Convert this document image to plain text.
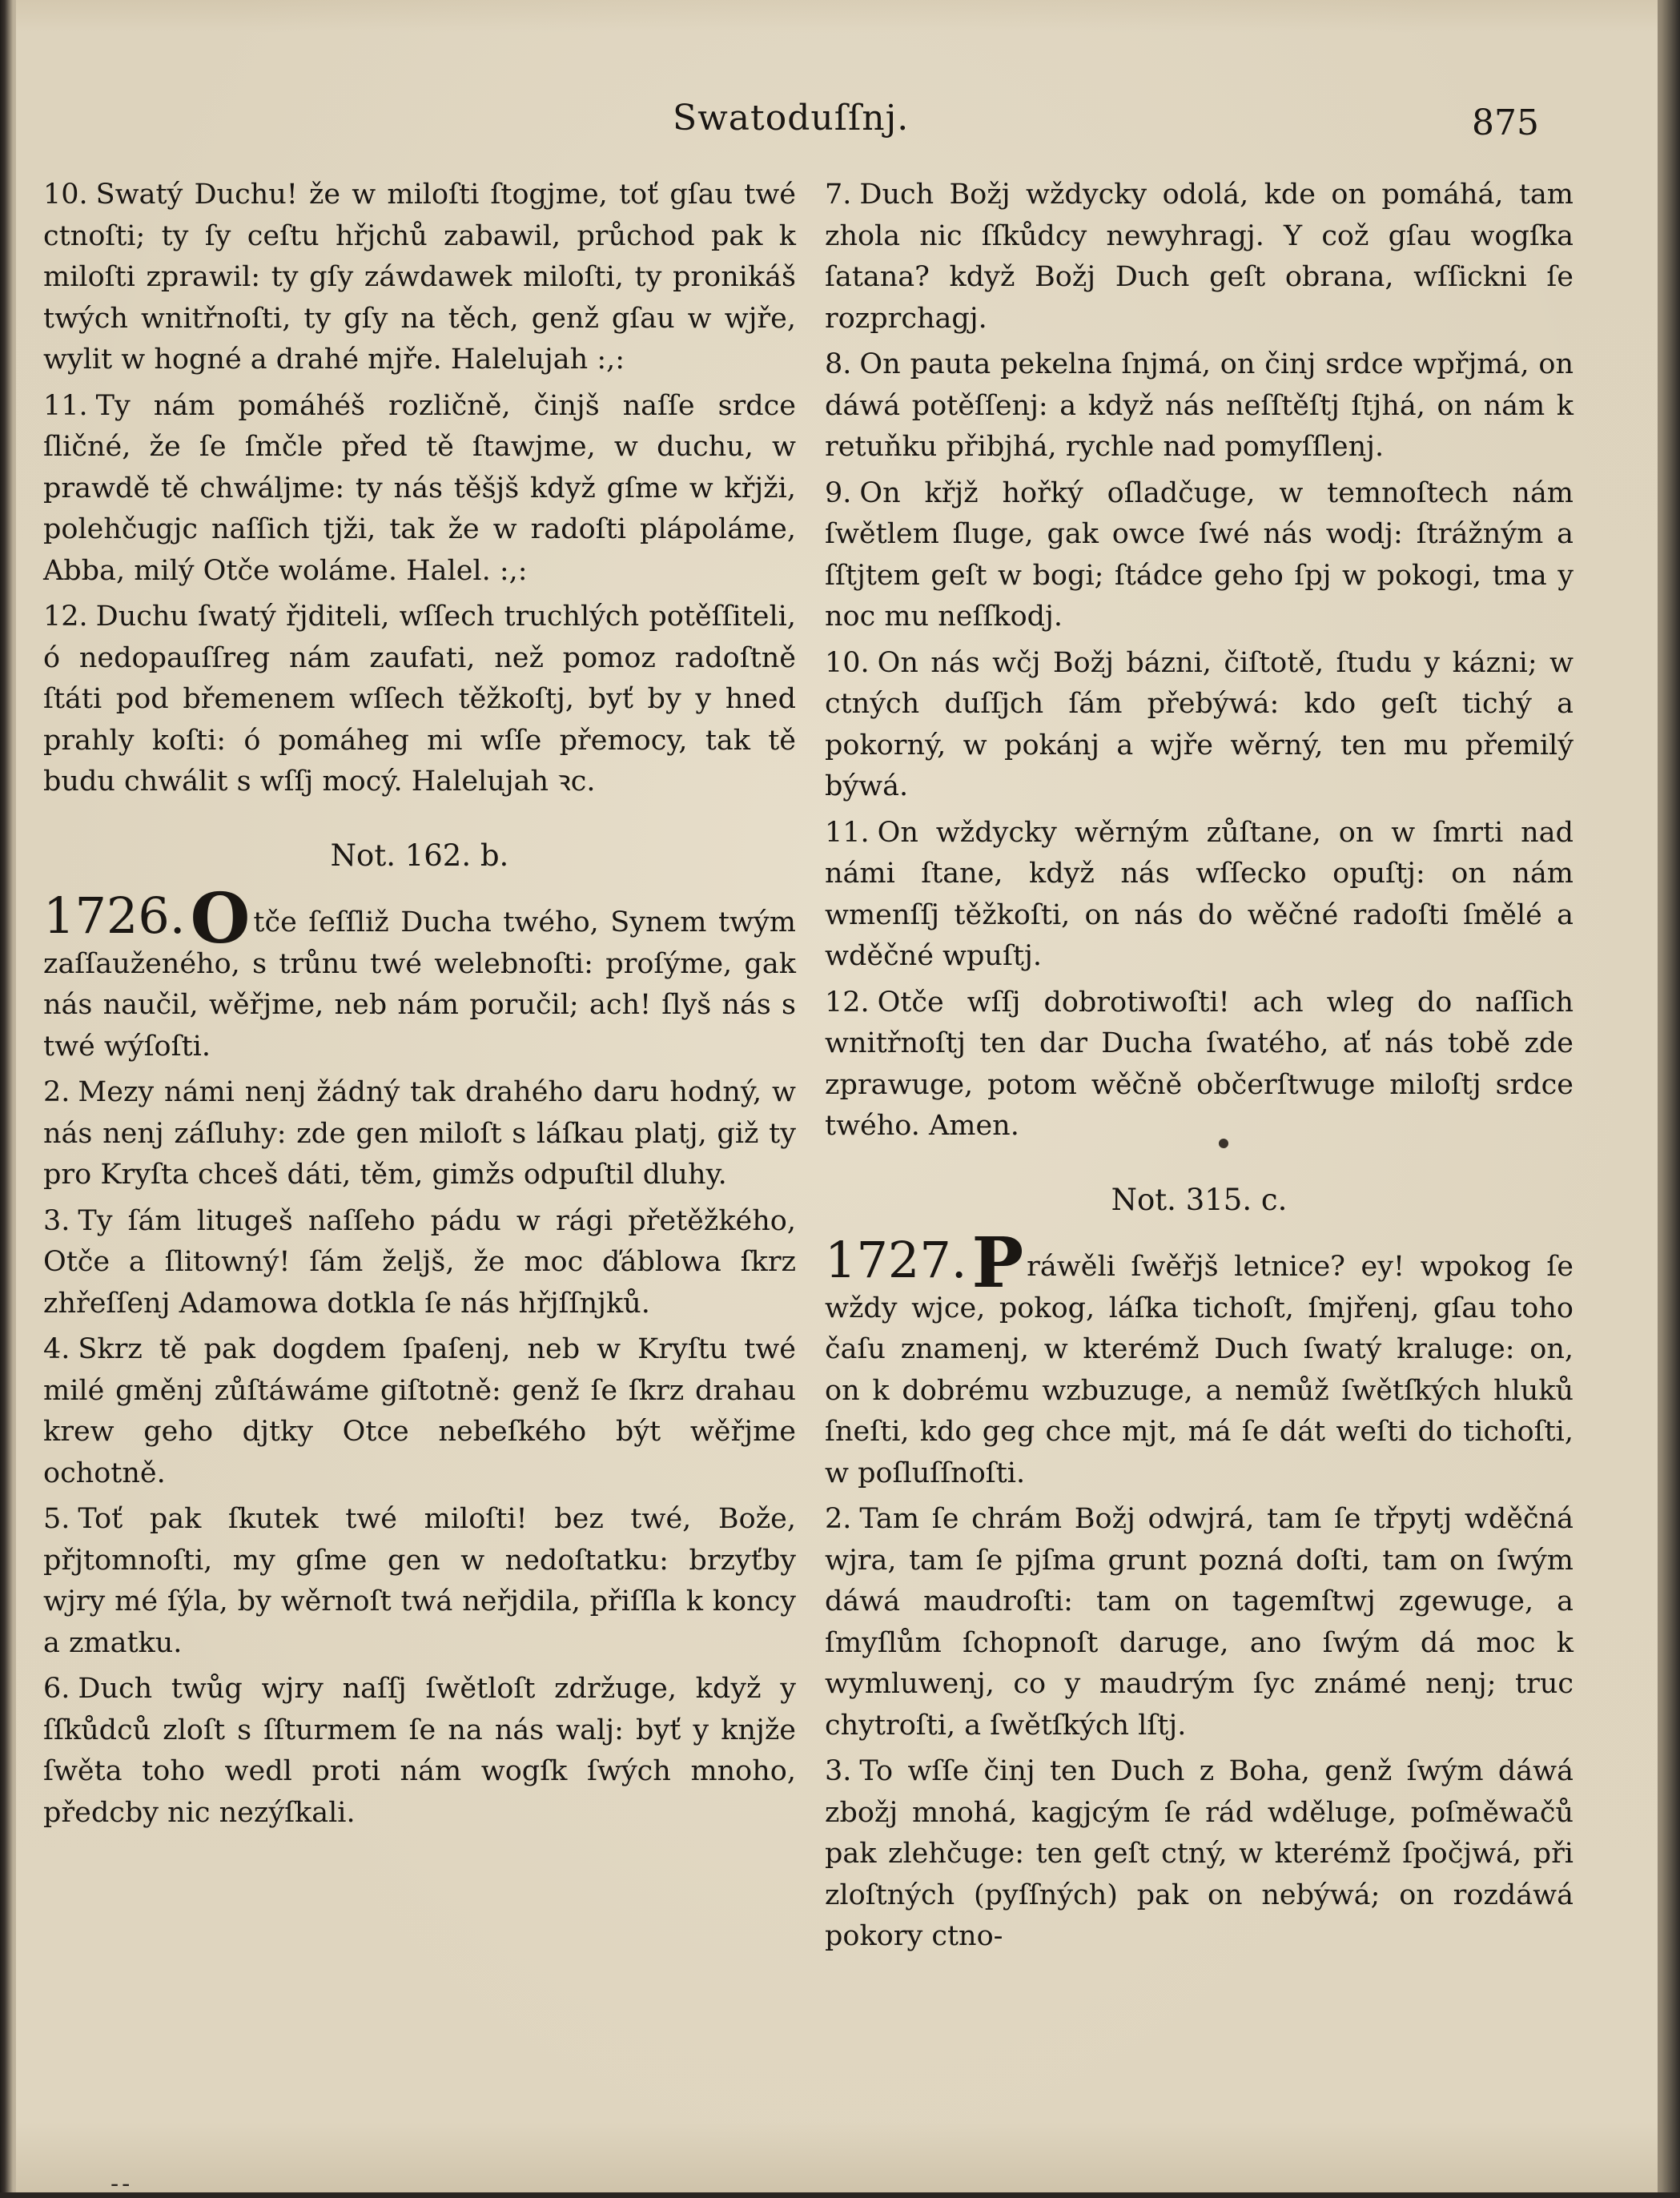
Swatoduſſnj.	875

10. Swatý Duchu! že w miloſti ſtogjme, toť gſau twé ctnoſti; ty ſy ceſtu hřjchů zabawil, průchod pak k miloſti zprawil: ty gſy záwdawek miloſti, ty pronikáš twých wnitřnoſti, ty gſy na těch, genž gſau w wjře, wylit w hogné a drahé mjře. Halelujah :,:

11. Ty nám pomáhéš rozličně, činjš naſſe srdce ſličné, že ſe ſmčle před tě ſtawjme, w duchu, w prawdě tě chwáljme: ty nás těšjš když gſme w křjži, polehčugjc naſſich tjži, tak že w radoſti plápoláme, Abba, milý Otče woláme. Halel. :,:

12. Duchu ſwatý řjditeli, wſſech truchlých potěſſiteli, ó nedopauſſreg nám zaufati, než pomoz radoſtně ſtáti pod břemenem wſſech těžkoſtj, byť by y hned prahly koſti: ó pomáheg mi wſſe přemocy, tak tě budu chwálit s wſſj mocý. Halelujah ꝛc.

Not. 162. b.

1726.O tče ſeſſliž Ducha twého, Synem twým zaſſauženého, s trůnu twé welebnoſti: proſýme, gak nás naučil, wěřjme, neb nám poručil; ach! ſlyš nás s twé wýſoſti.

2. Mezy námi nenj žádný tak drahého daru hodný, w nás nenj záſluhy: zde gen miloſt s láſkau platj, giž ty pro Kryſta chceš dáti, těm, gimžs odpuſtil dluhy.

3. Ty ſám litugeš naſſeho pádu w rági přetěžkého, Otče a ſlitowný! ſám željš, že moc ďáblowa ſkrz zhřeſſenj Adamowa dotkla ſe nás hřjſſnjků.

4. Skrz tě pak dogdem ſpaſenj, neb w Kryſtu twé milé gměnj zůſtáwáme giſtotně: genž ſe ſkrz drahau krew geho djtky Otce nebeſkého být wěřjme ochotně.

5. Toť pak ſkutek twé miloſti! bez twé, Bože, přjtomnoſti, my gſme gen w nedoſtatku: brzyťby wjry mé ſýla, by wěrnoſt twá neřjdila, přiſſla k koncy a zmatku.

6. Duch twůg wjry naſſj ſwětloſt zdržuge, když y ſſkůdců zloſt s ſſturmem ſe na nás walj: byť y knjže ſwěta toho wedl proti nám wogſk ſwých mnoho, předcby nic nezýſkali.

7. Duch Božj wždycky odolá, kde on pomáhá, tam zhola nic ſſkůdcy newyhragj. Y což gſau wogſka ſatana? když Božj Duch geſt obrana, wſſickni ſe rozprchagj.

8. On pauta pekelna ſnjmá, on činj srdce wpřjmá, on dáwá potěſſenj: a když nás neſſtěſtj ſtjhá, on nám k retuňku přibjhá, rychle nad pomyſſlenj.

9. On křjž hořký oſladčuge, w temnoſtech nám ſwětlem ſluge, gak owce ſwé nás wodj: ſtrážným a ſſtjtem geſt w bogi; ſtádce geho ſpj w pokogi, tma y noc mu neſſkodj.

10. On nás wčj Božj bázni, čiſtotě, ſtudu y kázni; w ctných duſſjch ſám přebýwá: kdo geſt tichý a pokorný, w pokánj a wjře wěrný, ten mu přemilý býwá.

11. On wždycky wěrným zůſtane, on w ſmrti nad námi ſtane, když nás wſſecko opuſtj: on nám wmenſſj těžkoſti, on nás do wěčné radoſti ſmělé a wděčné wpuſtj.

12. Otče wſſj dobrotiwoſti! ach wleg do naſſich wnitřnoſtj ten dar Ducha ſwatého, ať nás tobě zde zprawuge, potom wěčně občerſtwuge miloſtj srdce twého. Amen.

Not. 315. c.

1727.P ráwěli ſwěřjš letnice? ey! wpokog ſe wždy wjce, pokog, láſka tichoſt, ſmjřenj, gſau toho čaſu znamenj, w kterémž Duch ſwatý kraluge: on, on k dobrému wzbuzuge, a nemůž ſwětſkých hluků ſneſti, kdo geg chce mjt, má ſe dát weſti do tichoſti, w poſluſſnoſti.

2. Tam ſe chrám Božj odwjrá, tam ſe třpytj wděčná wjra, tam ſe pjſma grunt pozná doſti, tam on ſwým dáwá maudroſti: tam on tagemſtwj zgewuge, a ſmyſlům ſchopnoſt daruge, ano ſwým dá moc k wymluwenj, co y maudrým ſyc známé nenj; truc chytroſti, a ſwětſkých lſtj.

3. To wſſe činj ten Duch z Boha, genž ſwým dáwá zbožj mnohá, kagjcým ſe rád wděluge, poſměwačů pak zlehčuge: ten geſt ctný, w kterémž ſpočjwá, při zloſtných (pyſſných) pak on nebýwá; on rozdáwá pokory ctno-

--
